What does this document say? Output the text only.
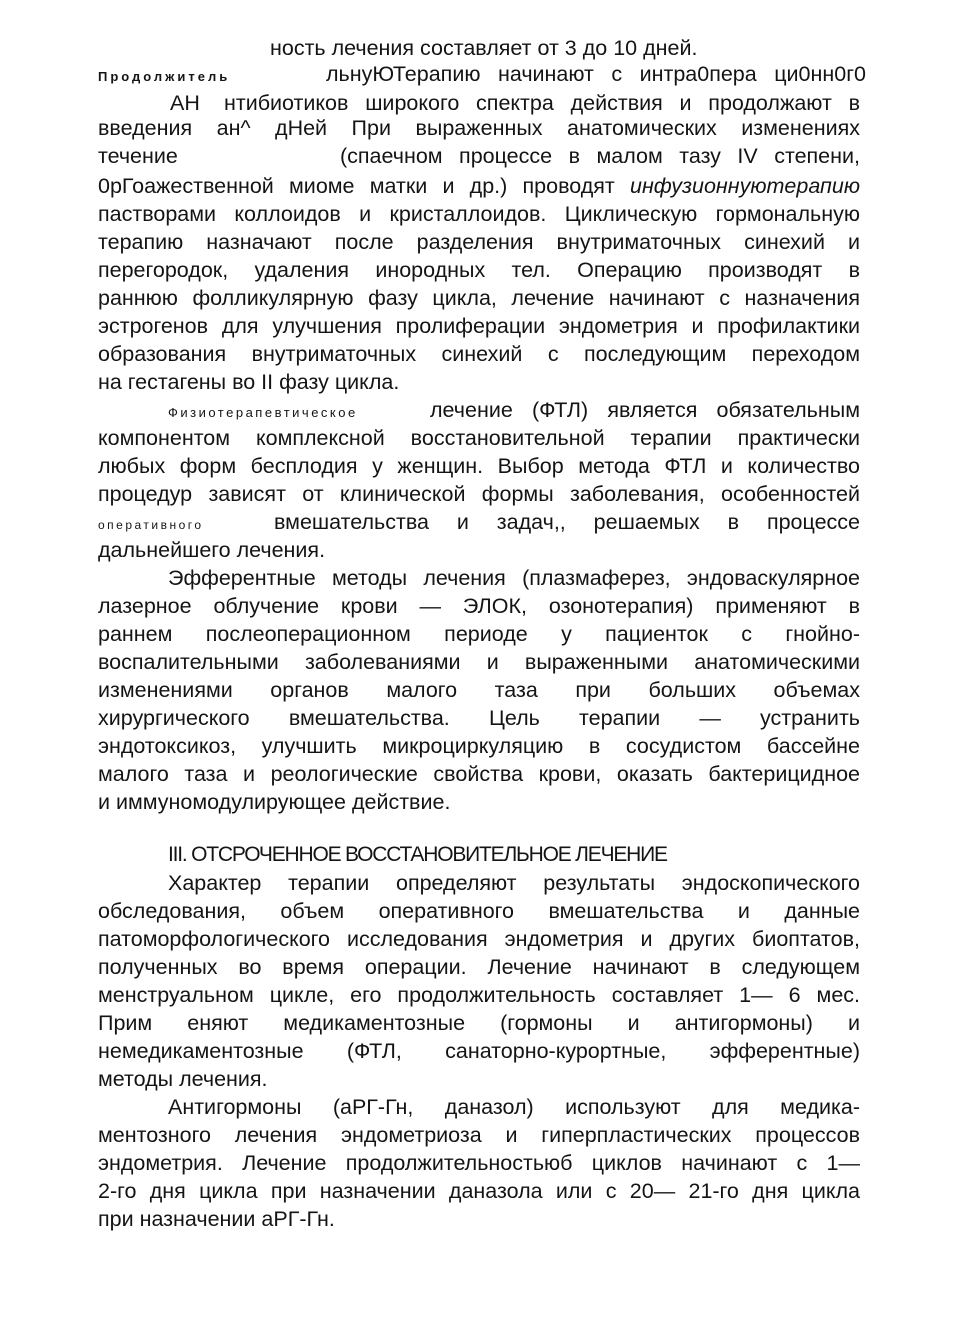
ность лечения составляет от 3 до 10 дней.
Продолжитель	льнуЮТерапию начинают с интра0пера ци0нн0г0
АН	нтибиотиков широкого спектра действия и продолжают в
введения ан^ дНей При выраженных анатомических изменениях
течение	(спаечном процессе в малом тазу IV степени,
0рГоажественной миоме матки и др.) проводят инфузионнуютерапию
пастворами коллоидов и кристаллоидов. Циклическую гормональную
терапию назначают после разделения внутриматочных синехий и
перегородок, удаления инородных тел. Операцию производят в
раннюю фолликулярную фазу цикла, лечение начинают с назначения
эстрогенов для улучшения пролиферации эндометрия и профилактики
образования внутриматочных синехий с последующим переходом
на гестагены во II фазу цикла.
Физиотерапевтическое	лечение (ФТЛ) является обязательным
компонентом комплексной восстановительной терапии практически
любых форм бесплодия у женщин. Выбор метода ФТЛ и количество
процедур зависят от клинической формы заболевания, особенностей
оперативного	вмешательства и задач,, решаемых в процессе
дальнейшего лечения.
Эфферентные методы лечения (плазмаферез, эндоваскулярное
лазерное облучение крови — ЭЛОК, озонотерапия) применяют в
раннем послеоперационном периоде у пациенток с гнойно-
воспалительными заболеваниями и выраженными анатомическими
изменениями органов малого таза при больших объемах
хирургического вмешательства. Цель терапии — устранить
эндотоксикоз, улучшить микроциркуляцию в сосудистом бассейне
малого таза и реологические свойства крови, оказать бактерицидное
и иммуномодулирующее действие.
III. ОТСРОЧЕННОЕ ВОССТАНОВИТЕЛЬНОЕ ЛЕЧЕНИЕ
Характер терапии определяют результаты эндоскопического
обследования, объем оперативного вмешательства и данные
патоморфологического исследования эндометрия и других биоптатов,
полученных во время операции. Лечение начинают в следующем
менструальном цикле, его продолжительность составляет 1— 6 мес.
Прим еняют медикаментозные (гормоны и антигормоны) и
немедикаментозные (ФТЛ, санаторно-курортные, эфферентные)
методы лечения.
Антигормоны (аРГ-Гн, даназол) используют для медика-
ментозного лечения эндометриоза и гиперпластических процессов
эндометрия. Лечение продолжительностьюб циклов начинают с 1—
2-го дня цикла при назначении даназола или с 20— 21-го дня цикла
при назначении аРГ-Гн.
